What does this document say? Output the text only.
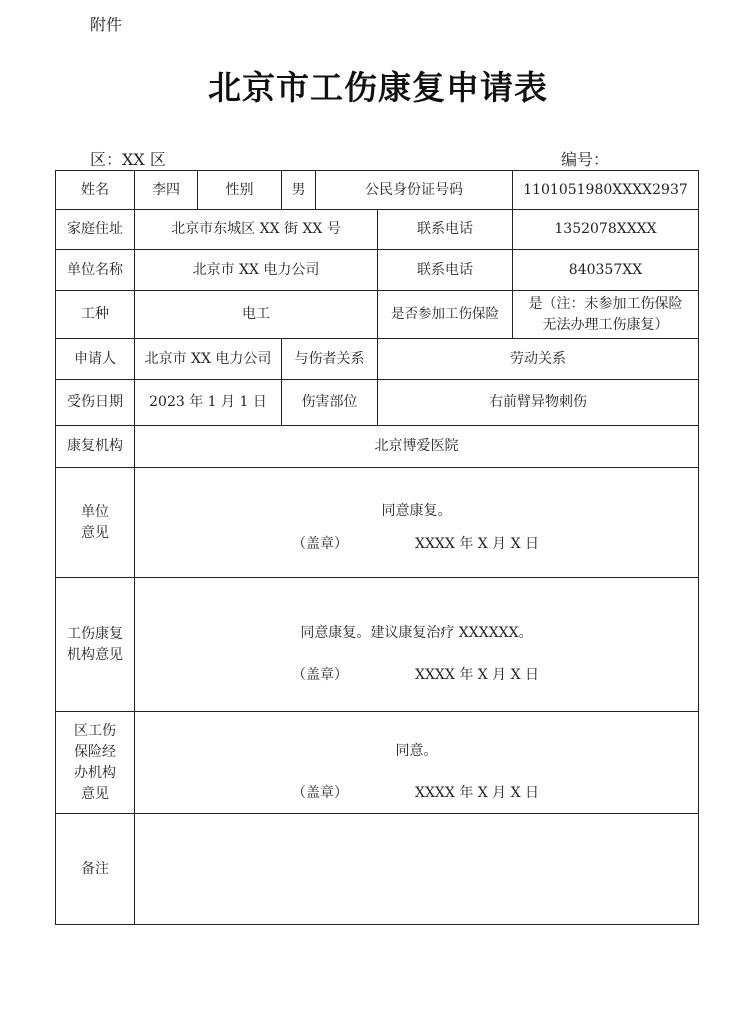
附件
北京市工伤康复申请表
区：XX 区	编号：
姓名	李四	性别	男	公民身份证号码		1101051980XXXX2937
家庭住址	北京市东城区 XX 街 XX 号				联系电话	1352078XXXX
单位名称	北京市 XX 电力公司				联系电话	840357XX
工种	电工				是否参加工伤保险	是（注：未参加工伤保险无法办理工伤康复）
申请人	北京市 XX 电力公司		与伤者关系		劳动关系	
受伤日期	2023 年 1 月 1 日		伤害部位		右前臂异物刺伤	
康复机构	北京博爱医院					
单位意见	同意康复。
（盖章） XXXX 年 X 月 X 日					

工伤康复机构意见	同意康复。建议康复治疗 XXXXXX。
（盖章） XXXX 年 X 月 X 日					

区工伤保险经办机构意见	同意。
（盖章） XXXX 年 X 月 X 日					

备注						
